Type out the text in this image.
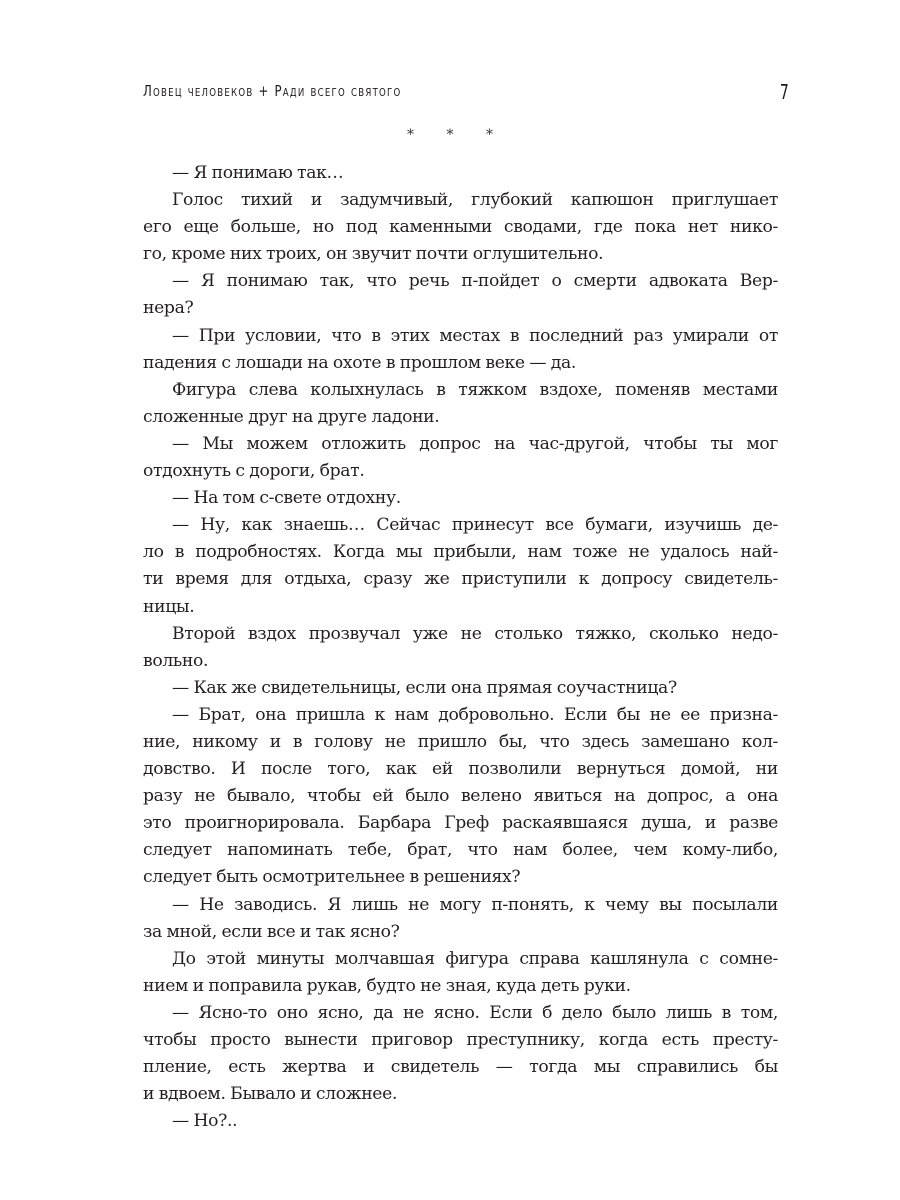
Ловец человеков + Ради всего святого	7
* * *
— Я понимаю так…
Голос тихий и задумчивый, глубокий капюшон приглушает
его еще больше, но под каменными сводами, где пока нет нико-
го, кроме них троих, он звучит почти оглушительно.
— Я понимаю так, что речь п-пойдет о смерти адвоката Вер-
нера?
— При условии, что в этих местах в последний раз умирали от
падения с лошади на охоте в прошлом веке — да.
Фигура слева колыхнулась в тяжком вздохе, поменяв местами
сложенные друг на друге ладони.
— Мы можем отложить допрос на час-другой, чтобы ты мог
отдохнуть с дороги, брат.
— На том с-свете отдохну.
— Ну, как знаешь… Сейчас принесут все бумаги, изучишь де-
ло в подробностях. Когда мы прибыли, нам тоже не удалось най-
ти время для отдыха, сразу же приступили к допросу свидетель-
ницы.
Второй вздох прозвучал уже не столько тяжко, сколько недо-
вольно.
— Как же свидетельницы, если она прямая соучастница?
— Брат, она пришла к нам добровольно. Если бы не ее призна-
ние, никому и в голову не пришло бы, что здесь замешано кол-
довство. И после того, как ей позволили вернуться домой, ни
разу не бывало, чтобы ей было велено явиться на допрос, а она
это проигнорировала. Барбара Греф раскаявшаяся душа, и разве
следует напоминать тебе, брат, что нам более, чем кому-либо,
следует быть осмотрительнее в решениях?
— Не заводись. Я лишь не могу п-понять, к чему вы посылали
за мной, если все и так ясно?
До этой минуты молчавшая фигура справа кашлянула с сомне-
нием и поправила рукав, будто не зная, куда деть руки.
— Ясно-то оно ясно, да не ясно. Если б дело было лишь в том,
чтобы просто вынести приговор преступнику, когда есть престу-
пление, есть жертва и свидетель — тогда мы справились бы
и вдвоем. Бывало и сложнее.
— Но?..
